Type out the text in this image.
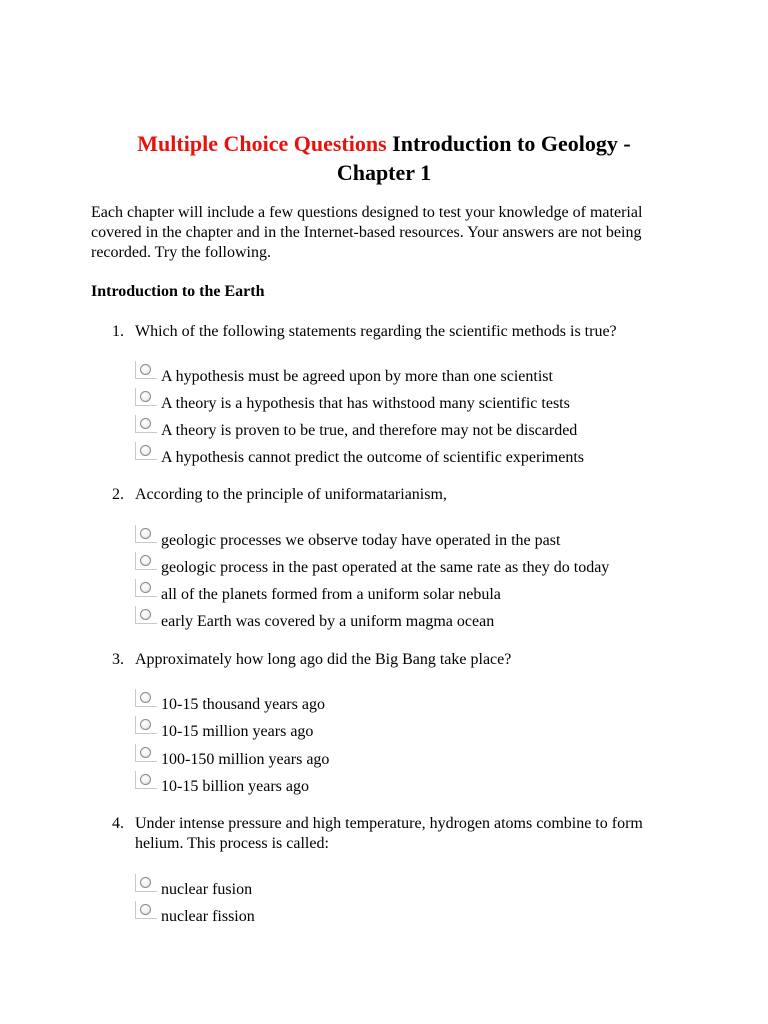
Multiple Choice Questions Introduction to Geology - Chapter 1

Each chapter will include a few questions designed to test your knowledge of material covered in the chapter and in the Internet-based resources. Your answers are not being recorded. Try the following.

Introduction to the Earth

1. Which of the following statements regarding the scientific methods is true?
A hypothesis must be agreed upon by more than one scientist
A theory is a hypothesis that has withstood many scientific tests
A theory is proven to be true, and therefore may not be discarded
A hypothesis cannot predict the outcome of scientific experiments
2. According to the principle of uniformatarianism,
geologic processes we observe today have operated in the past
geologic process in the past operated at the same rate as they do today
all of the planets formed from a uniform solar nebula
early Earth was covered by a uniform magma ocean
3. Approximately how long ago did the Big Bang take place?
10-15 thousand years ago
10-15 million years ago
100-150 million years ago
10-15 billion years ago
4. Under intense pressure and high temperature, hydrogen atoms combine to form helium. This process is called:
nuclear fusion
nuclear fission
